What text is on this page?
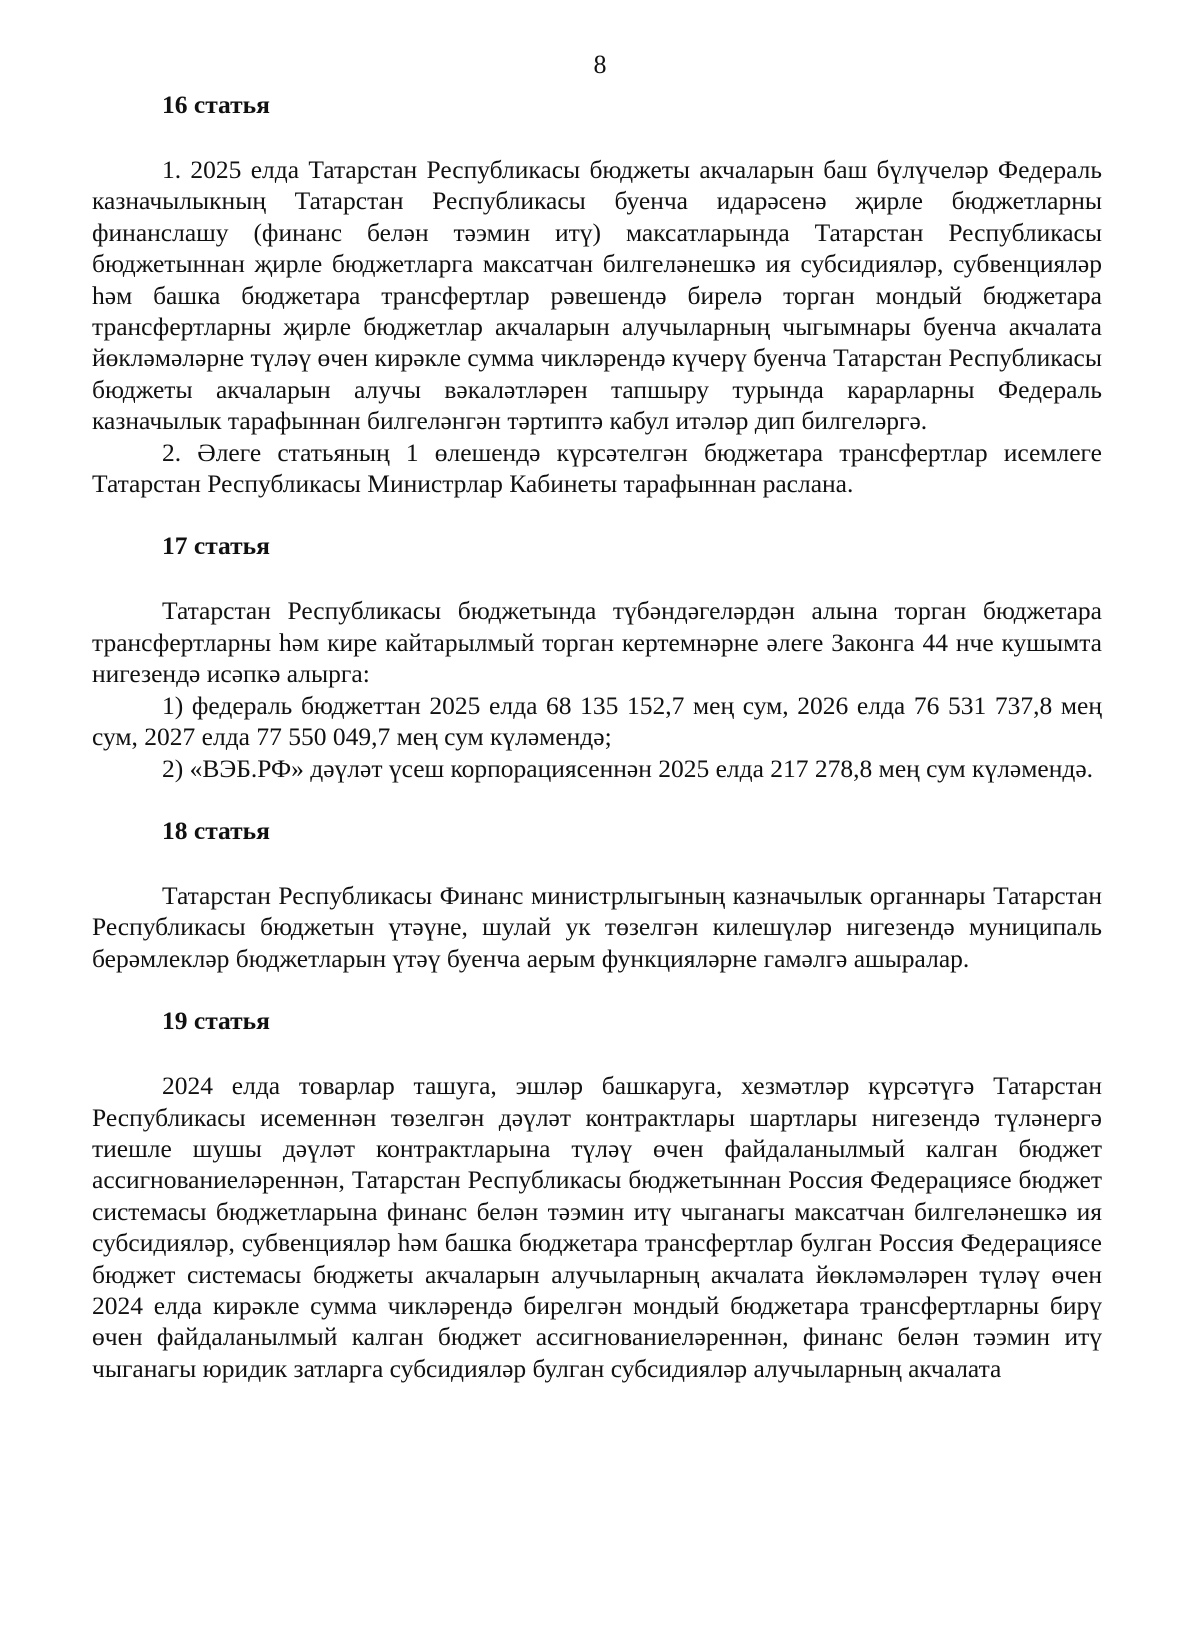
8
16 статья

1. 2025 елда Татарстан Республикасы бюджеты акчаларын баш бүлүчеләр Федераль казначылыкның Татарстан Республикасы буенча идарәсенә җирле бюджетларны финанслашу (финанс белән тәэмин итү) максатларында Татарстан Республикасы бюджетыннан җирле бюджетларга максатчан билгеләнешкә ия субсидияләр, субвенцияләр һәм башка бюджетара трансфертлар рәвешендә бирелә торган мондый бюджетара трансфертларны җирле бюджетлар акчаларын алучыларның чыгымнары буенча акчалата йөкләмәләрне түләү өчен кирәкле сумма чикләрендә күчерү буенча Татарстан Республикасы бюджеты акчаларын алучы вәкаләтләрен тапшыру турында карарларны Федераль казначылык тарафыннан билгеләнгән тәртиптә кабул итәләр дип билгеләргә.

2. Әлеге статьяның 1 өлешендә күрсәтелгән бюджетара трансфертлар исемлеге Татарстан Республикасы Министрлар Кабинеты тарафыннан раслана.

17 статья

Татарстан Республикасы бюджетында түбәндәгеләрдән алына торган бюджетара трансфертларны һәм кире кайтарылмый торган кертемнәрне әлеге Законга 44 нче кушымта нигезендә исәпкә алырга:

1) федераль бюджеттан 2025 елда 68 135 152,7 мең сум, 2026 елда 76 531 737,8 мең сум, 2027 елда 77 550 049,7 мең сум күләмендә;

2) «ВЭБ.РФ» дәүләт үсеш корпорациясеннән 2025 елда 217 278,8 мең сум күләмендә.

18 статья

Татарстан Республикасы Финанс министрлыгының казначылык органнары Татарстан Республикасы бюджетын үтәүне, шулай ук төзелгән килешүләр нигезендә муниципаль берәмлекләр бюджетларын үтәү буенча аерым функцияләрне гамәлгә ашыралар.

19 статья

2024 елда товарлар ташуга, эшләр башкаруга, хезмәтләр күрсәтүгә Татарстан Республикасы исеменнән төзелгән дәүләт контрактлары шартлары нигезендә түләнергә тиешле шушы дәүләт контрактларына түләү өчен файдаланылмый калган бюджет ассигнованиеләреннән, Татарстан Республикасы бюджетыннан Россия Федерациясе бюджет системасы бюджетларына финанс белән тәэмин итү чыганагы максатчан билгеләнешкә ия субсидияләр, субвенцияләр һәм башка бюджетара трансфертлар булган Россия Федерациясе бюджет системасы бюджеты акчаларын алучыларның акчалата йөкләмәләрен түләү өчен 2024 елда кирәкле сумма чикләрендә бирелгән мондый бюджетара трансфертларны бирү өчен файдаланылмый калган бюджет ассигнованиеләреннән, финанс белән тәэмин итү чыганагы юридик затларга субсидияләр булган субсидияләр алучыларның акчалата
